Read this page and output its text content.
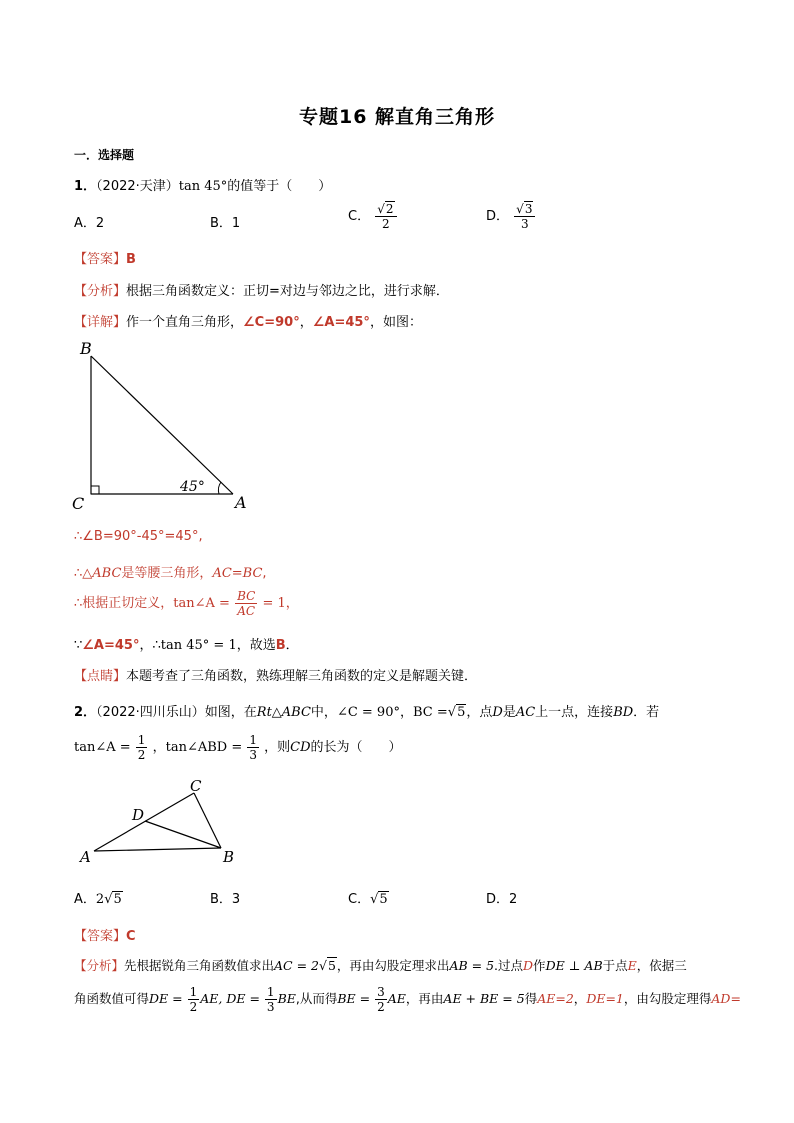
专题16 解直角三角形
一．选择题
1．（2022·天津）tan 45°的值等于（　　）
A．2	B．1	C． $\frac{√2}{2}$	D． $\frac{√3}{3}$
【答案】B
【分析】根据三角函数定义：正切=对边与邻边之比，进行求解．
【详解】作一个直角三角形，∠C=90°，∠A=45°，如图：
B
C	A
45°
∴∠B=90°-45°=45°,
∴△ABC是等腰三角形，AC=BC,
∴根据正切定义，tan∠A = $\frac{BC}{AC} = 1$，
∵∠A=45°，∴tan 45° = 1，故选B．
【点睛】本题考查了三角函数，熟练理解三角函数的定义是解题关键．
2．（2022·四川乐山）如图，在Rt△ABC中，∠C = 90°，BC =√5，点D是AC上一点，连接BD．若
tan∠A = $\frac{1}{2}$ ，tan∠ABD = $\frac{1}{3}$ ，则CD的长为（　　）
A	B
C
D
A．2√5	B．3	C．√5	D．2
【答案】C
【分析】先根据锐角三角函数值求出AC = 2√5，再由勾股定理求出AB = 5.过点D作DE ⊥ AB于点E，依据三
角函数值可得DE = $\frac{1}{2}$ AE, DE = $\frac{1}{3}$ BE,从而得BE = $\frac{3}{2}$ AE，再由AE + BE = 5得AE=2，DE=1，由勾股定理得AD=
